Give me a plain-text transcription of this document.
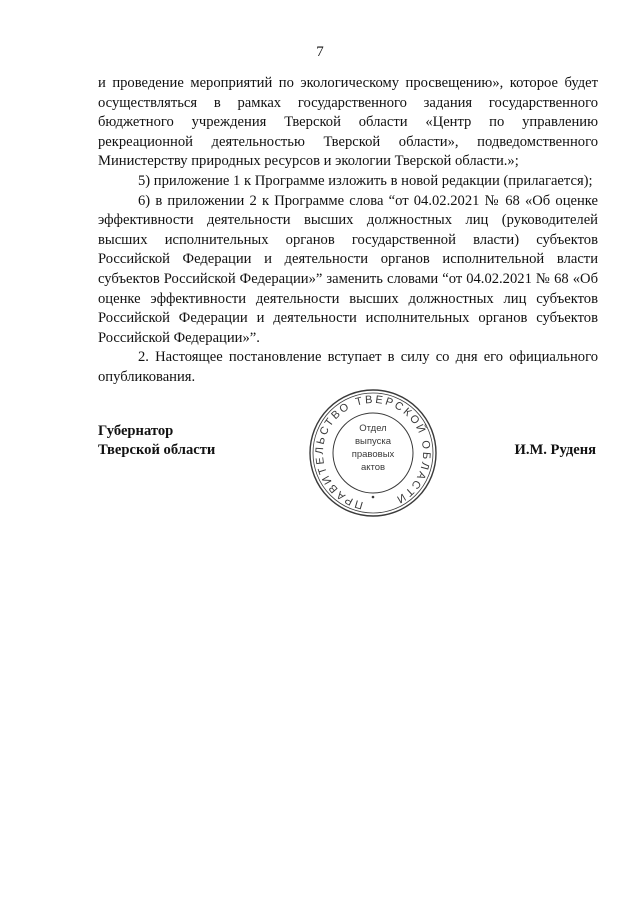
7

и проведение мероприятий по экологическому просвещению», которое будет осуществляться в рамках государственного задания государственного бюджетного учреждения Тверской области «Центр по управлению рекреационной деятельностью Тверской области», подведомственного Министерству природных ресурсов и экологии Тверской области.»;

5) приложение 1 к Программе изложить в новой редакции (прилагается);

6) в приложении 2 к Программе слова “от 04.02.2021 № 68 «Об оценке эффективности деятельности высших должностных лиц (руководителей высших исполнительных органов государственной власти) субъектов Российской Федерации и деятельности органов исполнительной власти субъектов Российской Федерации»” заменить словами “от 04.02.2021 № 68 «Об оценке эффективности деятельности высших должностных лиц субъектов Российской Федерации и деятельности исполнительных органов субъектов Российской Федерации»”.

2. Настоящее постановление вступает в силу со дня его официального опубликования.

Губернатор
Тверской области	И.М. Руденя
ПРАВИТЕЛЬСТВО ТВЕРСКОЙ ОБЛАСТИ
Отдел
выпуска
правовых
актов
